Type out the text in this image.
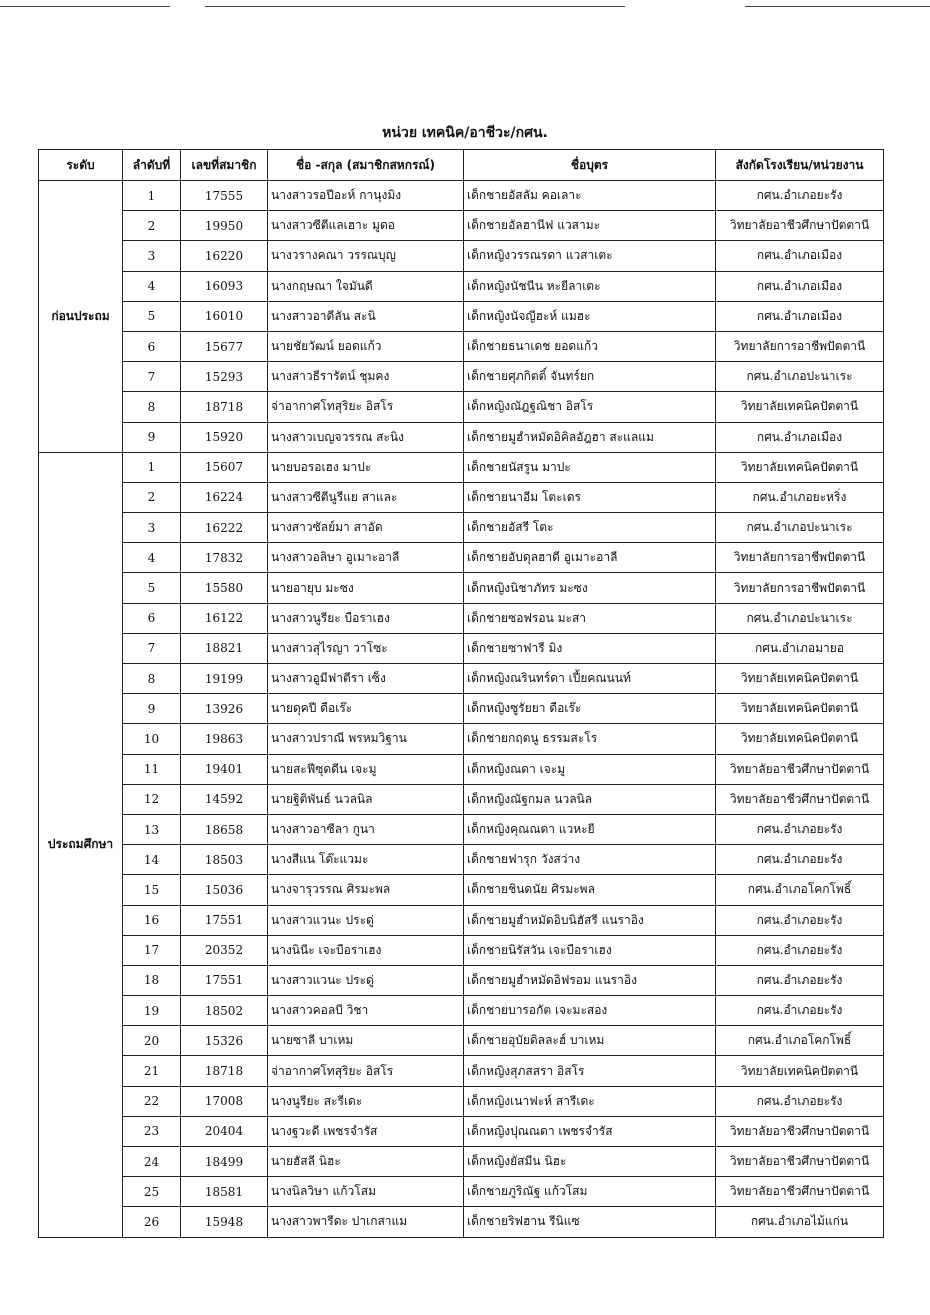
หน่วย เทคนิค/อาชีวะ/กศน.
ระดับ	ลำดับที่	เลขที่สมาชิก	ชื่อ -สกุล (สมาชิกสหกรณ์)	ชื่อบุตร	สังกัดโรงเรียน/หน่วยงาน
ก่อนประถม	1	17555	นางสาวรอปีอะห์ กานุงมิง	เด็กชายอัสลัม คอเลาะ	กศน.อำเภอยะรัง
	2	19950	นางสาวซีตีแลเฮาะ มูดอ	เด็กชายอัลฮานีฟ แวสามะ	วิทยาลัยอาชีวศึกษาปัตตานี
	3	16220	นางวรางคณา วรรณบุญ	เด็กหญิงวรรณรดา แวสาเตะ	กศน.อำเภอเมือง
	4	16093	นางกฤษณา ใจมันดี	เด็กหญิงนัชนีน หะยีลาเตะ	กศน.อำเภอเมือง
	5	16010	นางสาวอาดีลัน สะนิ	เด็กหญิงนัจญีฮะห์ แมฮะ	กศน.อำเภอเมือง
	6	15677	นายชัยวัฒน์ ยอดแก้ว	เด็กชายธนาเดช ยอดแก้ว	วิทยาลัยการอาชีพปัตตานี
	7	15293	นางสาวธีรารัตน์ ชุมคง	เด็กชายศุภกิตติ์ จันทร์ยก	กศน.อำเภอปะนาเระ
	8	18718	จ่าอากาศโทสุริยะ อิสโร	เด็กหญิงณัฎฐณิชา อิสโร	วิทยาลัยเทคนิคปัตตานี
	9	15920	นางสาวเบญจวรรณ สะนิง	เด็กชายมูฮำหมัดอิคิลอัฎฮา สะแลแม	กศน.อำเภอเมือง
ประถมศึกษา	1	15607	นายบอรอเฮง มาปะ	เด็กชายนัสรูน มาปะ	วิทยาลัยเทคนิคปัตตานี
	2	16224	นางสาวซีตีนูรีแย สาและ	เด็กชายนาอีม โตะเดร	กศน.อำเภอยะหริ่ง
	3	16222	นางสาวซัลย์มา สาอัด	เด็กชายอัสรี โตะ	กศน.อำเภอปะนาเระ
	4	17832	นางสาวอลิษา อูเมาะอาลี	เด็กชายอับดุลฮาดี อูเมาะอาลี	วิทยาลัยการอาชีพปัตตานี
	5	15580	นายอายุบ มะซง	เด็กหญิงนิชาภัทร มะซง	วิทยาลัยการอาชีพปัตตานี
	6	16122	นางสาวนูรียะ บือราเฮง	เด็กชายซอฟรอน มะสา	กศน.อำเภอปะนาเระ
	7	18821	นางสาวสุไรญา วาโซะ	เด็กชายซาฟารี มิง	กศน.อำเภอมายอ
	8	19199	นางสาวอูมีฟาตีรา เซ็ง	เด็กหญิงณรินทร์ดา เปี้ยคณนนท์	วิทยาลัยเทคนิคปัตตานี
	9	13926	นายดุคปี ดือเร๊ะ	เด็กหญิงซูรัยยา ดือเร๊ะ	วิทยาลัยเทคนิคปัตตานี
	10	19863	นางสาวปราณี พรหมวิฐาน	เด็กชายกฤตนู ธรรมสะโร	วิทยาลัยเทคนิคปัตตานี
	11	19401	นายสะฟีซุดดีน เจะมู	เด็กหญิงณดา เจะมู	วิทยาลัยอาชีวศึกษาปัตตานี
	12	14592	นายฐิติพันธ์ นวลนิล	เด็กหญิงณัฐกมล นวลนิล	วิทยาลัยอาชีวศึกษาปัตตานี
	13	18658	นางสาวอาซีลา กูนา	เด็กหญิงคุณณดา แวหะยี	กศน.อำเภอยะรัง
	14	18503	นางสีแน โต๊ะแวมะ	เด็กชายฟารุก วังสว่าง	กศน.อำเภอยะรัง
	15	15036	นางจารุวรรณ ศิรมะพล	เด็กชายชินดนัย ศิรมะพล	กศน.อำเภอโคกโพธิ์
	16	17551	นางสาวแวนะ ประดู่	เด็กชายมูฮำหมัดอิบนิฮัสรี แนราอิง	กศน.อำเภอยะรัง
	17	20352	นางนินีะ เจะบือราเฮง	เด็กชายนิรัสวัน เจะบือราเฮง	กศน.อำเภอยะรัง
	18	17551	นางสาวแวนะ ประดู่	เด็กชายมูฮำหมัดอิฟรอม แนราอิง	กศน.อำเภอยะรัง
	19	18502	นางสาวคอลบี วิชา	เด็กชายบารอกัต เจะมะสอง	กศน.อำเภอยะรัง
	20	15326	นายซาลี บาเหม	เด็กชายอุบัยดิลละฮ์ บาเหม	กศน.อำเภอโคกโพธิ์
	21	18718	จ่าอากาศโทสุริยะ อิสโร	เด็กหญิงสุภสสรา อิสโร	วิทยาลัยเทคนิคปัตตานี
	22	17008	นางนูรียะ สะรีเดะ	เด็กหญิงเนาฟะห์ สารีเดะ	กศน.อำเภอยะรัง
	23	20404	นางฐวะดี เพชรจำรัส	เด็กหญิงปุณณดา เพชรจำรัส	วิทยาลัยอาชีวศึกษาปัตตานี
	24	18499	นายฮัสลี นิฮะ	เด็กหญิงยัสมีน นิฮะ	วิทยาลัยอาชีวศึกษาปัตตานี
	25	18581	นางนิลวิษา แก้วโสม	เด็กชายภูริณัฐ แก้วโสม	วิทยาลัยอาชีวศึกษาปัตตานี
	26	15948	นางสาวพารีดะ ปาเกสาแม	เด็กชายริฟฮาน รีนิแซ	กศน.อำเภอไม้แก่น
